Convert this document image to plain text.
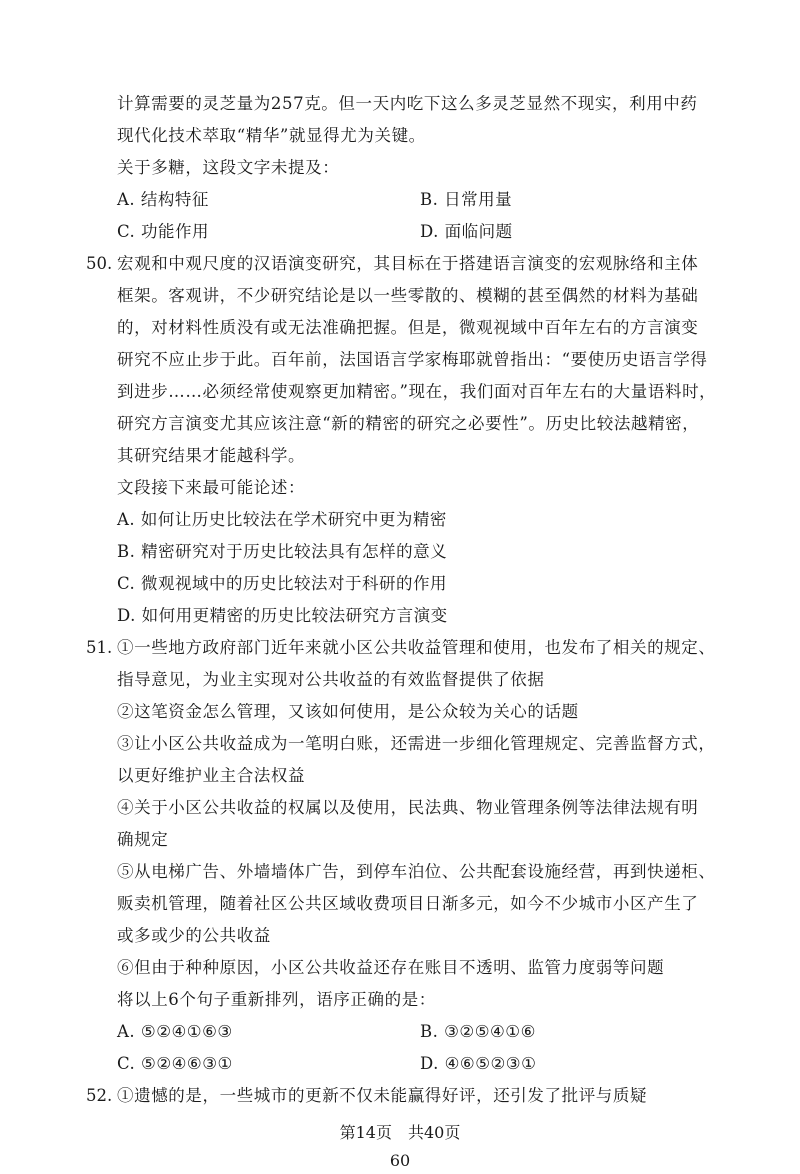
计算需要的灵芝量为257克。但一天内吃下这么多灵芝显然不现实，利用中药
现代化技术萃取“精华”就显得尤为关键。
关于多糖，这段文字未提及：
A. 结构特征	B. 日常用量
C. 功能作用	D. 面临问题
50. 宏观和中观尺度的汉语演变研究，其目标在于搭建语言演变的宏观脉络和主体
框架。客观讲，不少研究结论是以一些零散的、模糊的甚至偶然的材料为基础
的，对材料性质没有或无法准确把握。但是，微观视域中百年左右的方言演变
研究不应止步于此。百年前，法国语言学家梅耶就曾指出：“要使历史语言学得
到进步……必须经常使观察更加精密。”现在，我们面对百年左右的大量语料时，
研究方言演变尤其应该注意“新的精密的研究之必要性”。历史比较法越精密，
其研究结果才能越科学。
文段接下来最可能论述：
A. 如何让历史比较法在学术研究中更为精密
B. 精密研究对于历史比较法具有怎样的意义
C. 微观视域中的历史比较法对于科研的作用
D. 如何用更精密的历史比较法研究方言演变
51. ①一些地方政府部门近年来就小区公共收益管理和使用，也发布了相关的规定、
指导意见，为业主实现对公共收益的有效监督提供了依据
②这笔资金怎么管理，又该如何使用，是公众较为关心的话题
③让小区公共收益成为一笔明白账，还需进一步细化管理规定、完善监督方式，
以更好维护业主合法权益
④关于小区公共收益的权属以及使用，民法典、物业管理条例等法律法规有明
确规定
⑤从电梯广告、外墙墙体广告，到停车泊位、公共配套设施经营，再到快递柜、
贩卖机管理，随着社区公共区域收费项目日渐多元，如今不少城市小区产生了
或多或少的公共收益
⑥但由于种种原因，小区公共收益还存在账目不透明、监管力度弱等问题
将以上6个句子重新排列，语序正确的是：
A. ⑤②④①⑥③	B. ③②⑤④①⑥
C. ⑤②④⑥③①	D. ④⑥⑤②③①
52. ①遗憾的是，一些城市的更新不仅未能赢得好评，还引发了批评与质疑
第14页　共40页
60
